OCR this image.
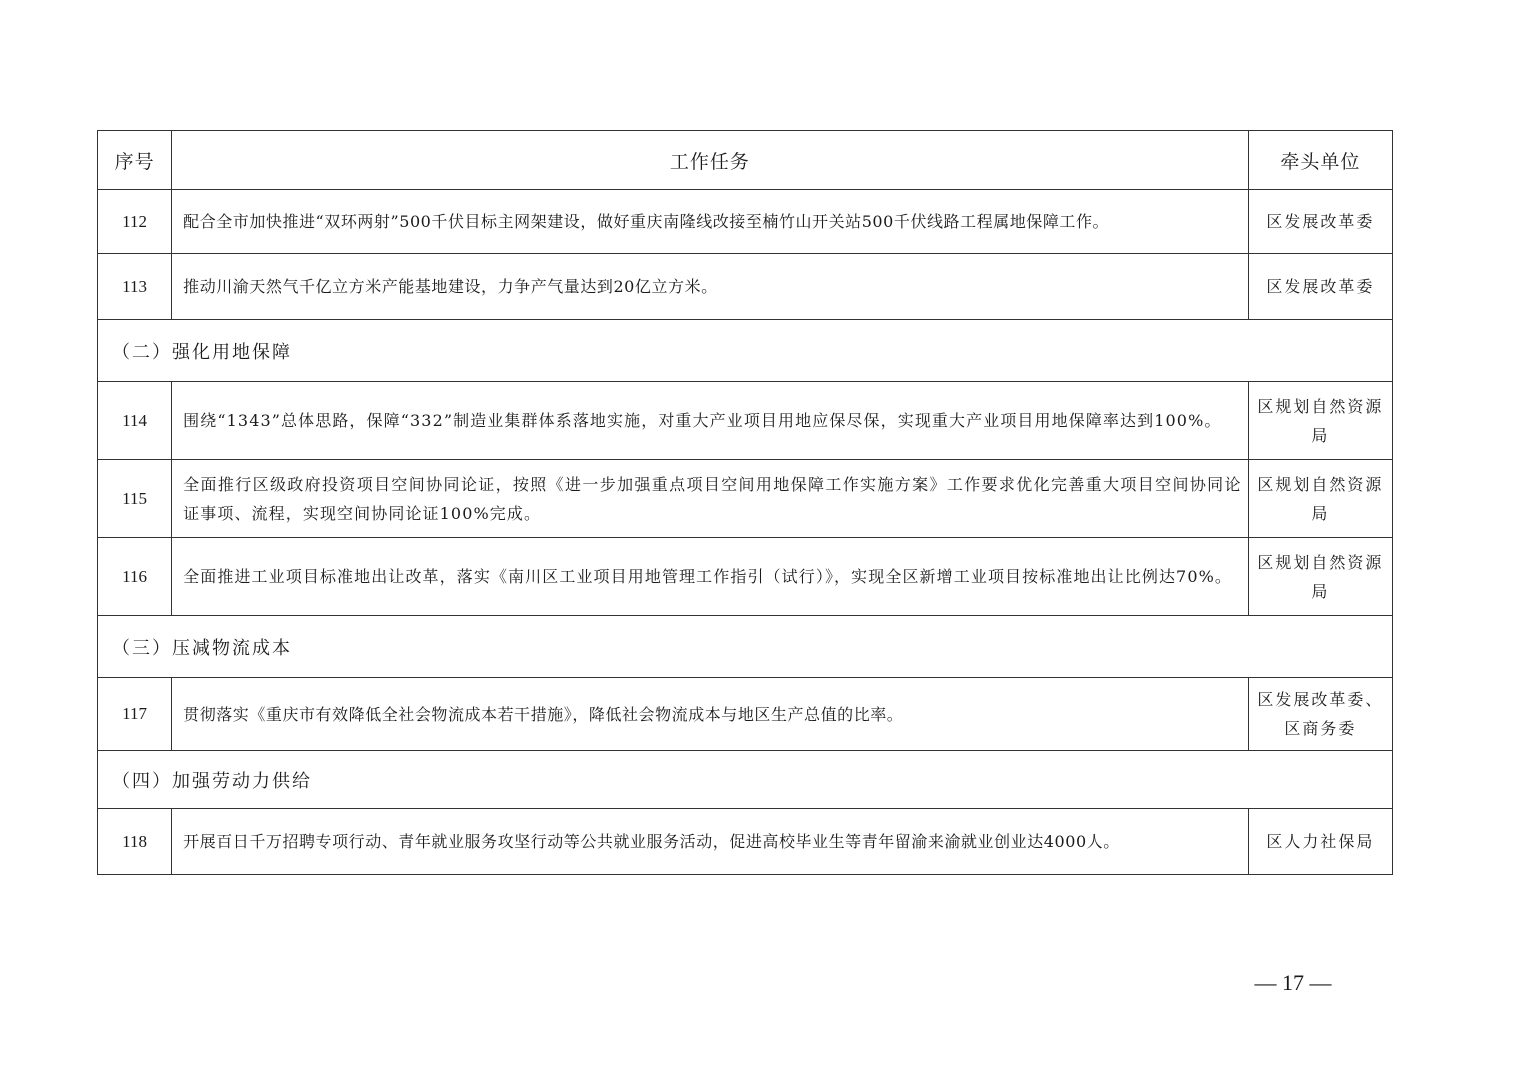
序号	工作任务	牵头单位
112	配合全市加快推进“双环两射”500千伏目标主网架建设，做好重庆南隆线改接至楠竹山开关站500千伏线路工程属地保障工作。	区发展改革委
113	推动川渝天然气千亿立方米产能基地建设，力争产气量达到20亿立方米。	区发展改革委
（二）强化用地保障		
114	围绕“1343”总体思路，保障“332”制造业集群体系落地实施，对重大产业项目用地应保尽保，实现重大产业项目用地保障率达到100%。	区规划自然资源局
115	全面推行区级政府投资项目空间协同论证，按照《进一步加强重点项目空间用地保障工作实施方案》工作要求优化完善重大项目空间协同论证事项、流程，实现空间协同论证100%完成。	区规划自然资源局
116	全面推进工业项目标准地出让改革，落实《南川区工业项目用地管理工作指引（试行）》，实现全区新增工业项目按标准地出让比例达70%。	区规划自然资源局
（三）压减物流成本		
117	贯彻落实《重庆市有效降低全社会物流成本若干措施》，降低社会物流成本与地区生产总值的比率。	区发展改革委、区商务委
（四）加强劳动力供给		
118	开展百日千万招聘专项行动、青年就业服务攻坚行动等公共就业服务活动，促进高校毕业生等青年留渝来渝就业创业达4000人。	区人力社保局
— 17 —
